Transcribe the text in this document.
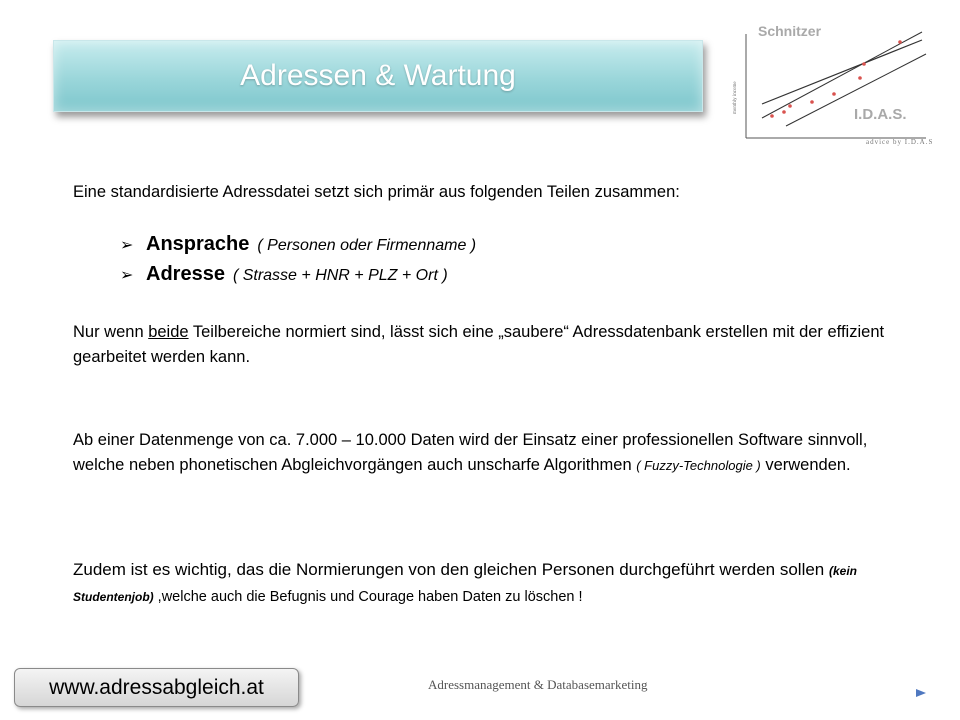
Adressen & Wartung
monthly income
Schnitzer
I.D.A.S.
advice by I.D.A.S
Eine standardisierte Adressdatei setzt sich primär aus folgenden Teilen zusammen:
➢ Ansprache ( Personen oder Firmenname )
➢ Adresse ( Strasse + HNR + PLZ + Ort )
Nur wenn beide Teilbereiche normiert sind, lässt sich eine „saubere“ Adressdatenbank erstellen mit der effizient gearbeitet werden kann.
Ab einer Datenmenge von ca. 7.000 – 10.000 Daten wird der Einsatz einer professionellen Software sinnvoll, welche neben phonetischen Abgleichvorgängen auch unscharfe Algorithmen ( Fuzzy-Technologie ) verwenden.
Zudem ist es wichtig, das die Normierungen von den gleichen Personen durchgeführt werden sollen (kein Studentenjob) ,welche auch die Befugnis und Courage haben Daten zu löschen !
www.adressabgleich.at	Adressmanagement & Databasemarketing
